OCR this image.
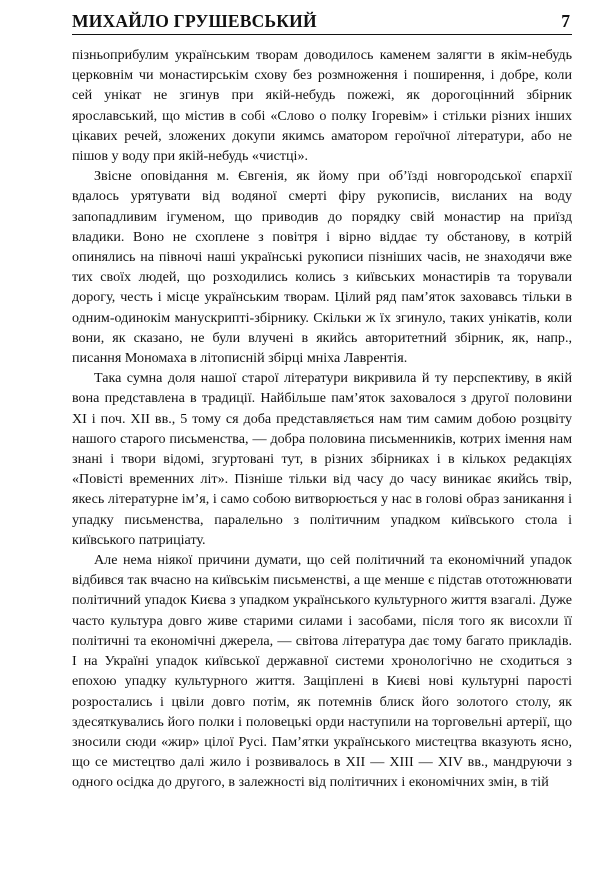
МИХАЙЛО ГРУШЕВСЬКИЙ	7

пізньоприбулим українським творам доводилось каменем залягти в якім-небудь церковнім чи монастирськім схову без розмноження і поширення, і добре, коли сей унікат не згинув при якій-небудь пожежі, як дорогоцінний збірник ярославський, що містив в собі «Слово о полку Ігоревім» і стільки різних інших цікавих речей, зложених докупи якимсь аматором героїчної літератури, або не пішов у воду при якій-небудь «чистці».

Звісне оповідання м. Євгенія, як йому при об’їзді новгородської єпархії вдалось урятувати від водяної смерті фіру рукописів, висланих на воду запопадливим ігуменом, що приводив до порядку свій монастир на приїзд владики. Воно не схоплене з повітря і вірно віддає ту обстанову, в котрій опинялись на півночі наші українські рукописи пізніших часів, не знаходячи вже тих своїх людей, що розходились колись з київських монастирів та торували дорогу, честь і місце українським творам. Цілий ряд пам’яток заховавсь тільки в одним-одинокім манускрипті-збірнику. Скільки ж їх згинуло, таких унікатів, коли вони, як сказано, не були влучені в якийсь авторитетний збірник, як, напр., писання Мономаха в літописній збірці мніха Лаврентія.

Така сумна доля нашої старої літератури викривила й ту перспективу, в якій вона представлена в традиції. Найбільше пам’яток заховалося з другої половини XI і поч. XII вв., 5 тому ся доба представляється нам тим самим добою розцвіту нашого старого письменства, — добра половина письменників, котрих імення нам знані і твори відомі, згуртовані тут, в різних збірниках і в кількох редакціях «Повісті временних літ». Пізніше тільки від часу до часу виникає якийсь твір, якесь літературне ім’я, і само собою витворюється у нас в голові образ заникання і упадку письменства, паралельно з політичним упадком київського стола і київського патриціату.

Але нема ніякої причини думати, що сей політичний та економічний упадок відбився так вчасно на київськім письменстві, а ще менше є підстав ототожнювати політичний упадок Києва з упадком українського культурного життя взагалі. Дуже часто культура довго живе старими силами і засобами, після того як висохли її політичні та економічні джерела, — світова література дає тому багато прикладів. І на Україні упадок київської державної системи хронологічно не сходиться з епохою упадку культурного життя. Защіплені в Києві нові культурні парості розростались і цвіли довго потім, як потемнів блиск його золотого столу, як здесяткувались його полки і половецькі орди наступили на торговельні артерії, що зносили сюди «жир» цілої Русі. Пам’ятки українського мистецтва вказують ясно, що се мистецтво далі жило і розвивалось в XII — XIII — XIV вв., мандруючи з одного осідка до другого, в залежності від політичних і економічних змін, в тій
